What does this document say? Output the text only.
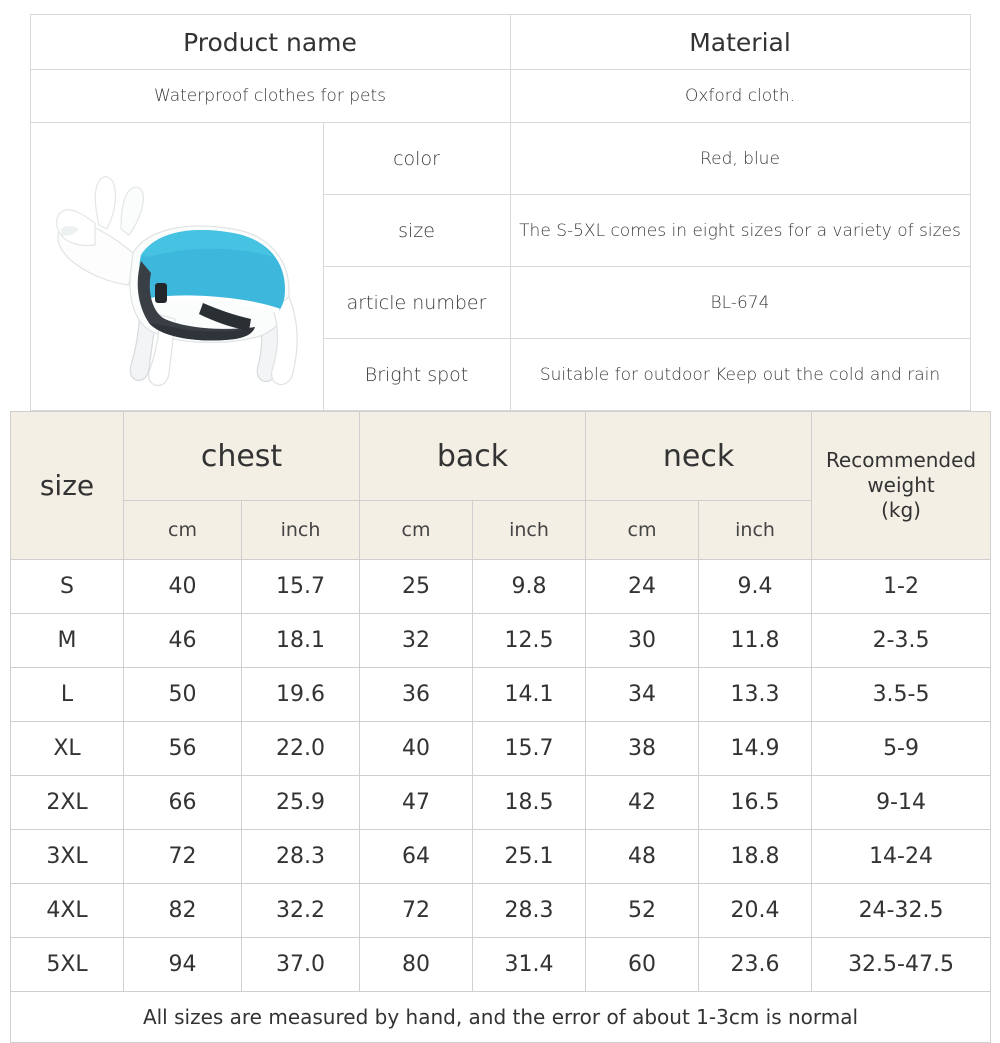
Product name		Material
Waterproof clothes for pets		Oxford cloth.

	color	Red, blue
	size	The S-5XL comes in eight sizes for a variety of sizes
	article number	BL-674
	Bright spot	Suitable for outdoor Keep out the cold and rain
size	chest		back		neck		Recommended weight
(kg)

	cm	inch	cm	inch	cm	inch	
S	40	15.7	25	9.8	24	9.4	1-2
M	46	18.1	32	12.5	30	11.8	2-3.5
L	50	19.6	36	14.1	34	13.3	3.5-5
XL	56	22.0	40	15.7	38	14.9	5-9
2XL	66	25.9	47	18.5	42	16.5	9-14
3XL	72	28.3	64	25.1	48	18.8	14-24
4XL	82	32.2	72	28.3	52	20.4	24-32.5
5XL	94	37.0	80	31.4	60	23.6	32.5-47.5
All sizes are measured by hand, and the error of about 1-3cm is normal							
